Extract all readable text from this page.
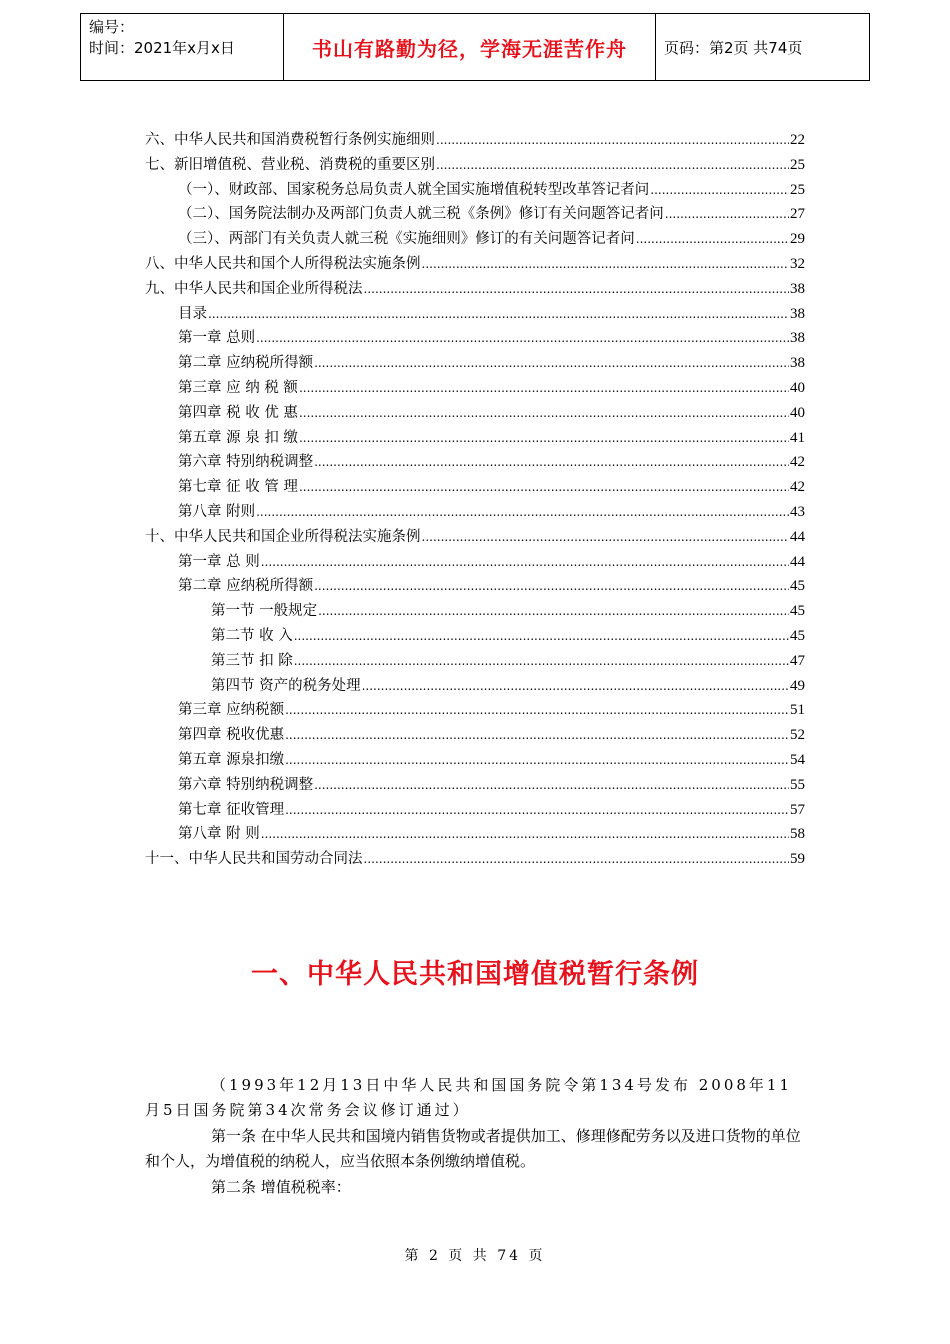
编号：
时间：2021年x月x日	书山有路勤为径，学海无涯苦作舟	页码：第2页 共74页
六、中华人民共和国消费税暂行条例实施细则 .....	22
七、新旧增值税、营业税、消费税的重要区别 .....	25
（一）、财政部、国家税务总局负责人就全国实施增值税转型改革答记者问 .....	25
（二）、国务院法制办及两部门负责人就三税《条例》修订有关问题答记者问 .....	27
（三）、两部门有关负责人就三税《实施细则》修订的有关问题答记者问 .....	29
八、中华人民共和国个人所得税法实施条例 .....	32
九、中华人民共和国企业所得税法 .....	38
目录 .....	38
第一章 总则 .....	38
第二章 应纳税所得额 .....	38
第三章 应 纳 税 额 .....	40
第四章 税 收 优 惠 .....	40
第五章 源 泉 扣 缴 .....	41
第六章 特别纳税调整 .....	42
第七章 征 收 管 理 .....	42
第八章 附则 .....	43
十、中华人民共和国企业所得税法实施条例 .....	44
第一章 总 则 .....	44
第二章 应纳税所得额 .....	45
第一节 一般规定 .....	45
第二节 收 入 .....	45
第三节 扣 除 .....	47
第四节 资产的税务处理 .....	49
第三章 应纳税额 .....	51
第四章 税收优惠 .....	52
第五章 源泉扣缴 .....	54
第六章 特别纳税调整 .....	55
第七章 征收管理 .....	57
第八章 附 则 .....	58
十一、中华人民共和国劳动合同法 .....	59
一、中华人民共和国增值税暂行条例
（1993年12月13日中华人民共和国国务院令第134号发布 2008年11月5日国务院第34次常务会议修订通过）
第一条 在中华人民共和国境内销售货物或者提供加工、修理修配劳务以及进口货物的单位和个人，为增值税的纳税人，应当依照本条例缴纳增值税。
第二条 增值税税率：
第 2 页 共 74 页
